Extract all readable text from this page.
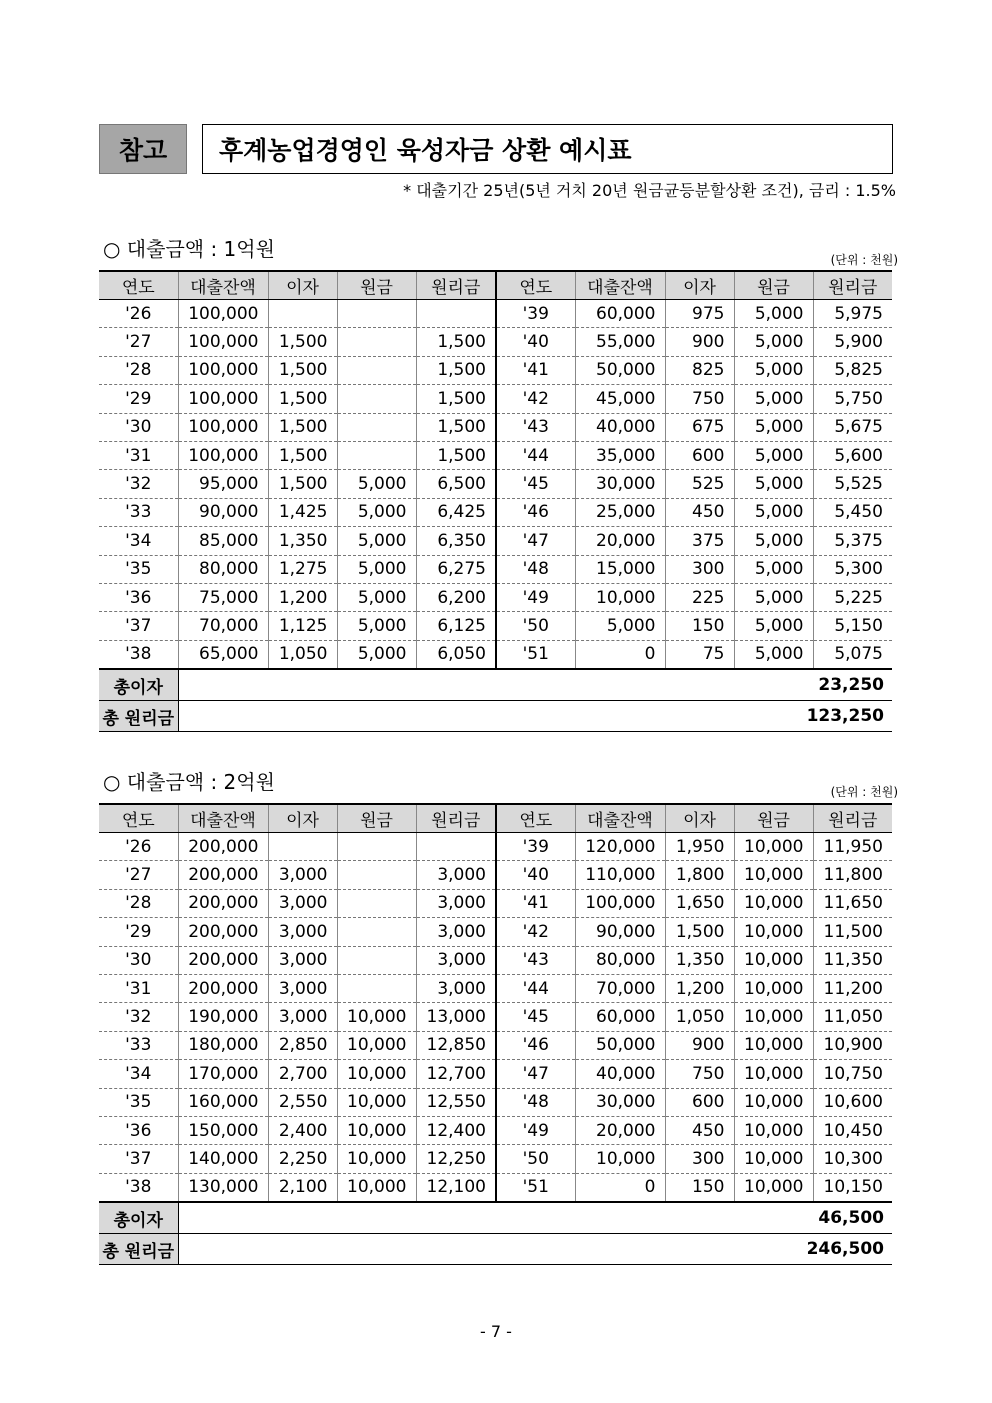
참고	후계농업경영인 육성자금 상환 예시표
* 대출기간 25년(5년 거치 20년 원금균등분할상환 조건), 금리 : 1.5%
○ 대출금액 : 1억원	(단위 : 천원)
연도	대출잔액	이자	원금	원리금	연도	대출잔액	이자	원금	원리금
'26	100,000				'39	60,000	975	5,000	5,975
'27	100,000	1,500		1,500	'40	55,000	900	5,000	5,900
'28	100,000	1,500		1,500	'41	50,000	825	5,000	5,825
'29	100,000	1,500		1,500	'42	45,000	750	5,000	5,750
'30	100,000	1,500		1,500	'43	40,000	675	5,000	5,675
'31	100,000	1,500		1,500	'44	35,000	600	5,000	5,600
'32	95,000	1,500	5,000	6,500	'45	30,000	525	5,000	5,525
'33	90,000	1,425	5,000	6,425	'46	25,000	450	5,000	5,450
'34	85,000	1,350	5,000	6,350	'47	20,000	375	5,000	5,375
'35	80,000	1,275	5,000	6,275	'48	15,000	300	5,000	5,300
'36	75,000	1,200	5,000	6,200	'49	10,000	225	5,000	5,225
'37	70,000	1,125	5,000	6,125	'50	5,000	150	5,000	5,150
'38	65,000	1,050	5,000	6,050	'51	0	75	5,000	5,075
총이자	23,250								
총 원리금	123,250								
○ 대출금액 : 2억원	(단위 : 천원)
연도	대출잔액	이자	원금	원리금	연도	대출잔액	이자	원금	원리금
'26	200,000				'39	120,000	1,950	10,000	11,950
'27	200,000	3,000		3,000	'40	110,000	1,800	10,000	11,800
'28	200,000	3,000		3,000	'41	100,000	1,650	10,000	11,650
'29	200,000	3,000		3,000	'42	90,000	1,500	10,000	11,500
'30	200,000	3,000		3,000	'43	80,000	1,350	10,000	11,350
'31	200,000	3,000		3,000	'44	70,000	1,200	10,000	11,200
'32	190,000	3,000	10,000	13,000	'45	60,000	1,050	10,000	11,050
'33	180,000	2,850	10,000	12,850	'46	50,000	900	10,000	10,900
'34	170,000	2,700	10,000	12,700	'47	40,000	750	10,000	10,750
'35	160,000	2,550	10,000	12,550	'48	30,000	600	10,000	10,600
'36	150,000	2,400	10,000	12,400	'49	20,000	450	10,000	10,450
'37	140,000	2,250	10,000	12,250	'50	10,000	300	10,000	10,300
'38	130,000	2,100	10,000	12,100	'51	0	150	10,000	10,150
총이자	46,500								
총 원리금	246,500								
- 7 -
